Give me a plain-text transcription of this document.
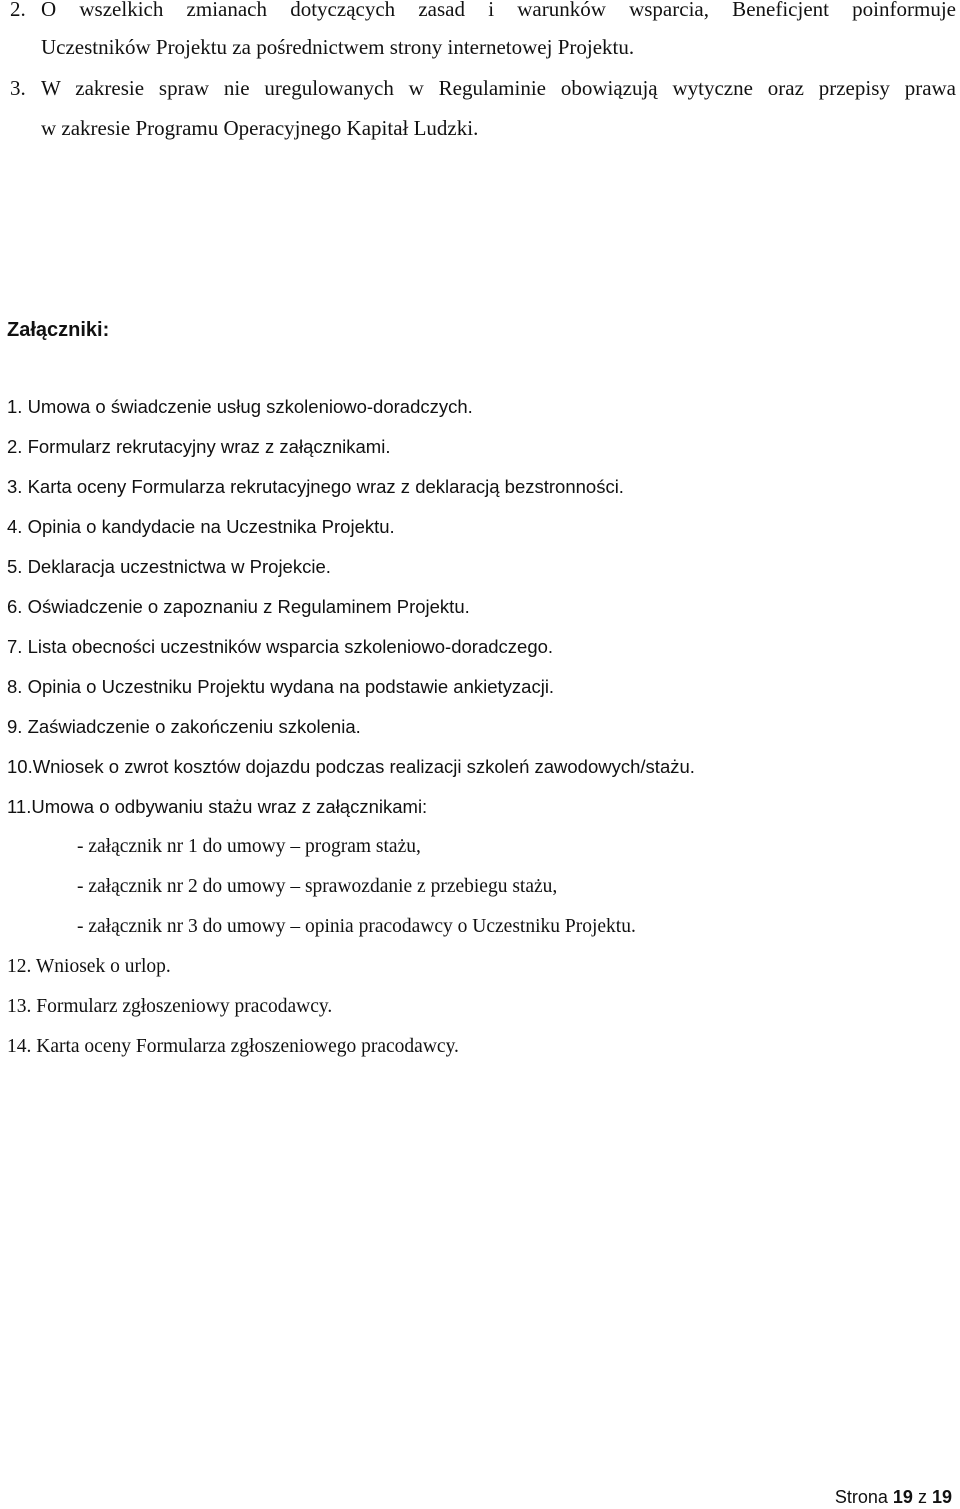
2. O wszelkich zmianach dotyczących zasad i warunków wsparcia, Beneficjent poinformuje
Uczestników Projektu za pośrednictwem strony internetowej Projektu.
3. W zakresie spraw nie uregulowanych w Regulaminie obowiązują wytyczne oraz przepisy prawa
w zakresie Programu Operacyjnego Kapitał Ludzki.
Załączniki:
1. Umowa o świadczenie usług szkoleniowo-doradczych.
2. Formularz rekrutacyjny wraz z załącznikami.
3. Karta oceny Formularza rekrutacyjnego wraz z deklaracją bezstronności.
4. Opinia o kandydacie na Uczestnika Projektu.
5. Deklaracja uczestnictwa w Projekcie.
6. Oświadczenie o zapoznaniu z Regulaminem Projektu.
7. Lista obecności uczestników wsparcia szkoleniowo-doradczego.
8. Opinia o Uczestniku Projektu wydana na podstawie ankietyzacji.
9. Zaświadczenie o zakończeniu szkolenia.
10.Wniosek o zwrot kosztów dojazdu podczas realizacji szkoleń zawodowych/stażu.
11.Umowa o odbywaniu stażu wraz z załącznikami:
- załącznik nr 1 do umowy – program stażu,
- załącznik nr 2 do umowy – sprawozdanie z przebiegu stażu,
- załącznik nr 3 do umowy – opinia pracodawcy o Uczestniku Projektu.
12. Wniosek o urlop.
13. Formularz zgłoszeniowy pracodawcy.
14. Karta oceny Formularza zgłoszeniowego pracodawcy.
Strona 19 z 19
